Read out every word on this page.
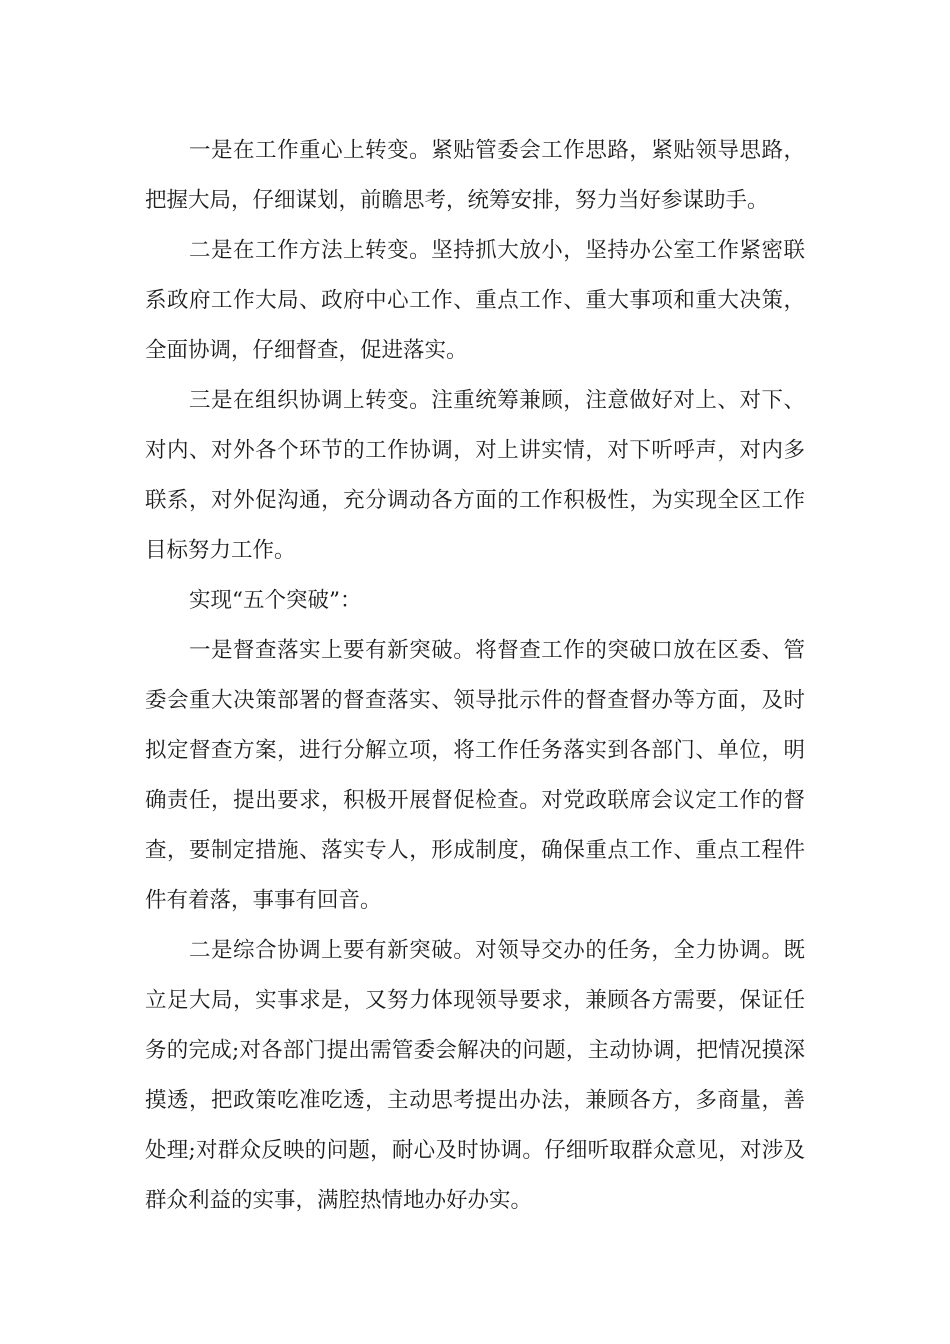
一是在工作重心上转变。紧贴管委会工作思路，紧贴领导思路，把握大局，仔细谋划，前瞻思考，统筹安排，努力当好参谋助手。

二是在工作方法上转变。坚持抓大放小，坚持办公室工作紧密联系政府工作大局、政府中心工作、重点工作、重大事项和重大决策，全面协调，仔细督查，促进落实。

三是在组织协调上转变。注重统筹兼顾，注意做好对上、对下、对内、对外各个环节的工作协调，对上讲实情，对下听呼声，对内多联系，对外促沟通，充分调动各方面的工作积极性，为实现全区工作目标努力工作。

实现“五个突破”：

一是督查落实上要有新突破。将督查工作的突破口放在区委、管委会重大决策部署的督查落实、领导批示件的督查督办等方面，及时拟定督查方案，进行分解立项，将工作任务落实到各部门、单位，明确责任，提出要求，积极开展督促检查。对党政联席会议定工作的督查，要制定措施、落实专人，形成制度，确保重点工作、重点工程件件有着落，事事有回音。

二是综合协调上要有新突破。对领导交办的任务，全力协调。既立足大局，实事求是，又努力体现领导要求，兼顾各方需要，保证任务的完成;对各部门提出需管委会解决的问题，主动协调，把情况摸深摸透，把政策吃准吃透，主动思考提出办法，兼顾各方，多商量，善处理;对群众反映的问题，耐心及时协调。仔细听取群众意见，对涉及群众利益的实事，满腔热情地办好办实。
